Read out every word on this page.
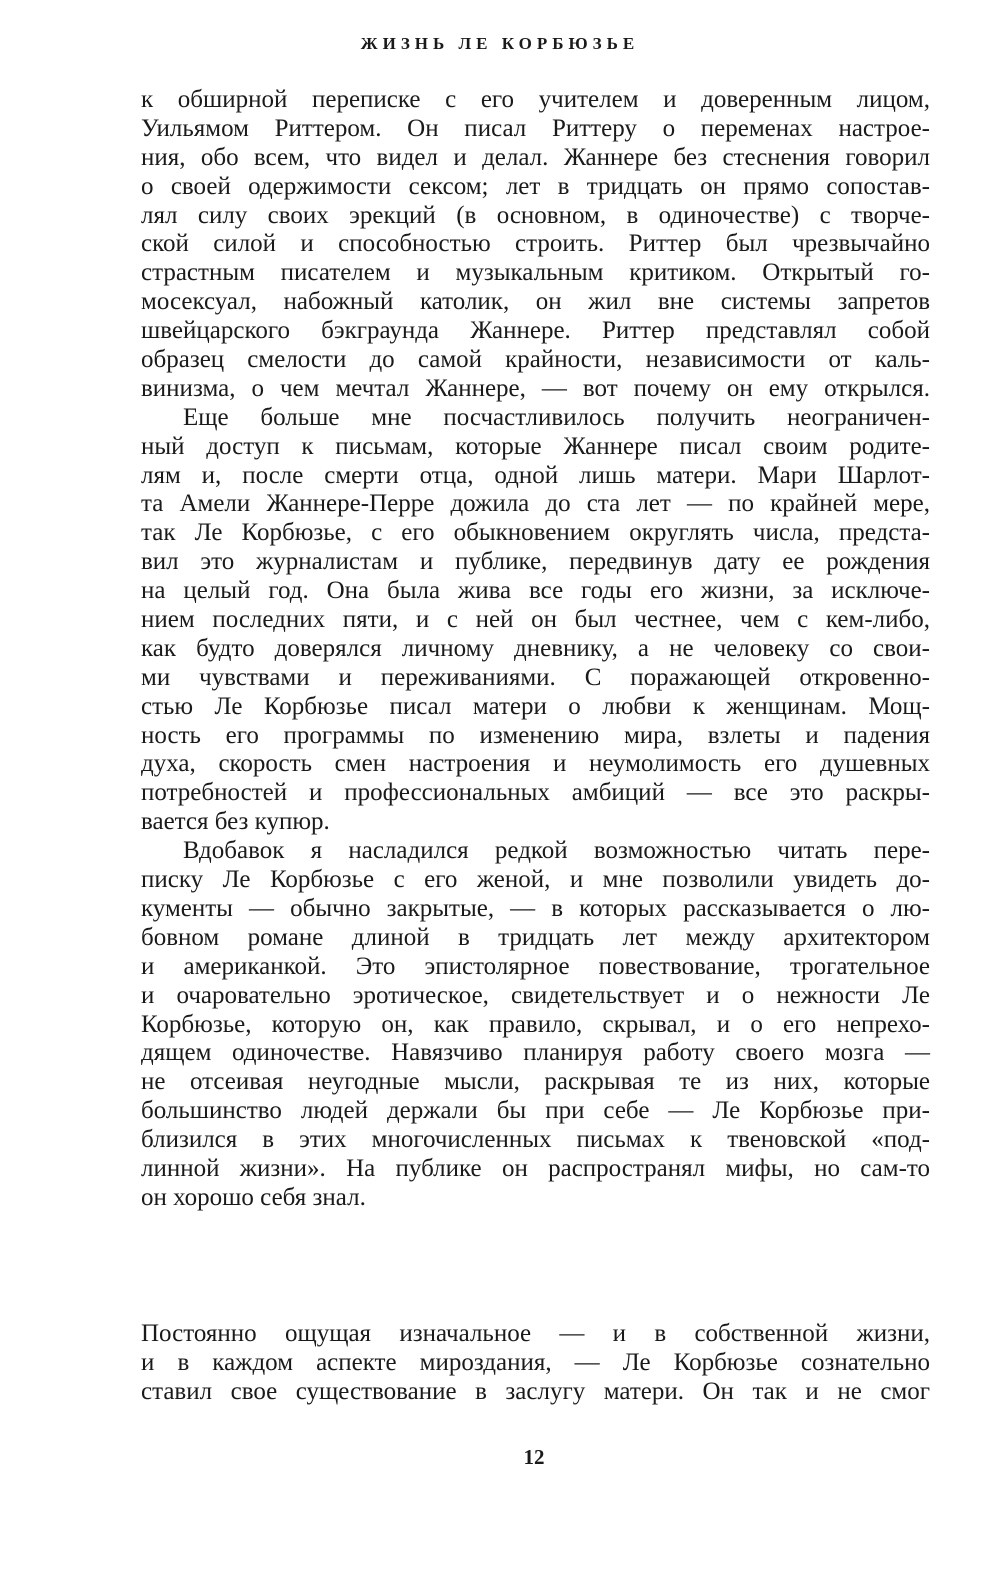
ЖИЗНЬ ЛЕ КОРБЮЗЬЕ
к обширной переписке с его учителем и доверенным лицом,
Уильямом Риттером. Он писал Риттеру о переменах настрое-
ния, обо всем, что видел и делал. Жаннере без стеснения говорил
о своей одержимости сексом; лет в тридцать он прямо сопостав-
лял силу своих эрекций (в основном, в одиночестве) с творче-
ской силой и способностью строить. Риттер был чрезвычайно
страстным писателем и музыкальным критиком. Открытый го-
мосексуал, набожный католик, он жил вне системы запретов
швейцарского бэкграунда Жаннере. Риттер представлял собой
образец смелости до самой крайности, независимости от каль-
винизма, о чем мечтал Жаннере, — вот почему он ему открылся.
Еще больше мне посчастливилось получить неограничен-
ный доступ к письмам, которые Жаннере писал своим родите-
лям и, после смерти отца, одной лишь матери. Мари Шарлот-
та Амели Жаннере-Перре дожила до ста лет — по крайней мере,
так Ле Корбюзье, с его обыкновением округлять числа, предста-
вил это журналистам и публике, передвинув дату ее рождения
на целый год. Она была жива все годы его жизни, за исключе-
нием последних пяти, и с ней он был честнее, чем с кем-либо,
как будто доверялся личному дневнику, а не человеку со свои-
ми чувствами и переживаниями. С поражающей откровенно-
стью Ле Корбюзье писал матери о любви к женщинам. Мощ-
ность его программы по изменению мира, взлеты и падения
духа, скорость смен настроения и неумолимость его душевных
потребностей и профессиональных амбиций — все это раскры-
вается без купюр.
Вдобавок я насладился редкой возможностью читать пере-
писку Ле Корбюзье с его женой, и мне позволили увидеть до-
кументы — обычно закрытые, — в которых рассказывается о лю-
бовном романе длиной в тридцать лет между архитектором
и американкой. Это эпистолярное повествование, трогательное
и очаровательно эротическое, свидетельствует и о нежности Ле
Корбюзье, которую он, как правило, скрывал, и о его непрехо-
дящем одиночестве. Навязчиво планируя работу своего мозга —
не отсеивая неугодные мысли, раскрывая те из них, которые
большинство людей держали бы при себе — Ле Корбюзье при-
близился в этих многочисленных письмах к твеновской «под-
линной жизни». На публике он распространял мифы, но сам-то
он хорошо себя знал.
Постоянно ощущая изначальное — и в собственной жизни,
и в каждом аспекте мироздания, — Ле Корбюзье сознательно
ставил свое существование в заслугу матери. Он так и не смог
12
